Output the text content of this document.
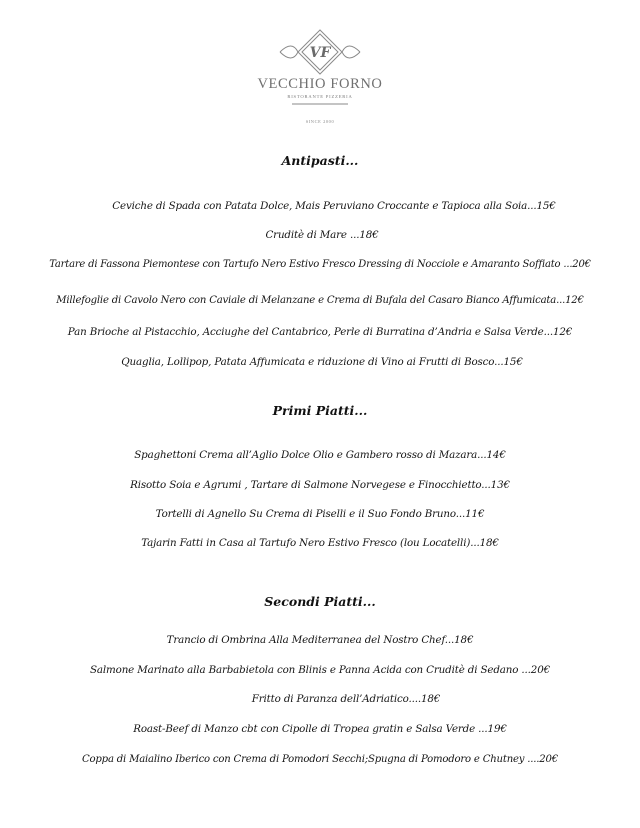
VF
VECCHIO FORNO
RISTORANTE PIZZERIA
SINCE 2000
Antipasti...
Ceviche di Spada con Patata Dolce, Mais Peruviano Croccante e Tapioca alla Soia...15€
Cruditè di Mare ...18€
Tartare di Fassona Piemontese con Tartufo Nero Estivo Fresco Dressing di Nocciole e Amaranto Soffiato ...20€
Millefoglie di Cavolo Nero con Caviale di Melanzane e Crema di Bufala del Casaro Bianco Affumicata...12€
Pan Brioche al Pistacchio, Acciughe del Cantabrico, Perle di Burratina d’Andria e Salsa Verde...12€
Quaglia, Lollipop, Patata Affumicata e riduzione di Vino ai Frutti di Bosco...15€
Primi Piatti...
Spaghettoni Crema all’Aglio Dolce Olio e Gambero rosso di Mazara...14€
Risotto Soia e Agrumi , Tartare di Salmone Norvegese e Finocchietto...13€
Tortelli di Agnello Su Crema di Piselli e il Suo Fondo Bruno...11€
Tajarin Fatti in Casa al Tartufo Nero Estivo Fresco (lou Locatelli)...18€
Secondi Piatti...
Trancio di Ombrina Alla Mediterranea del Nostro Chef...18€
Salmone Marinato alla Barbabietola con Blinis e Panna Acida con Cruditè di Sedano ...20€
Fritto di Paranza dell’Adriatico....18€
Roast-Beef di Manzo cbt con Cipolle di Tropea gratin e Salsa Verde ...19€
Coppa di Maialino Iberico con Crema di Pomodori Secchi;Spugna di Pomodoro e Chutney ....20€
